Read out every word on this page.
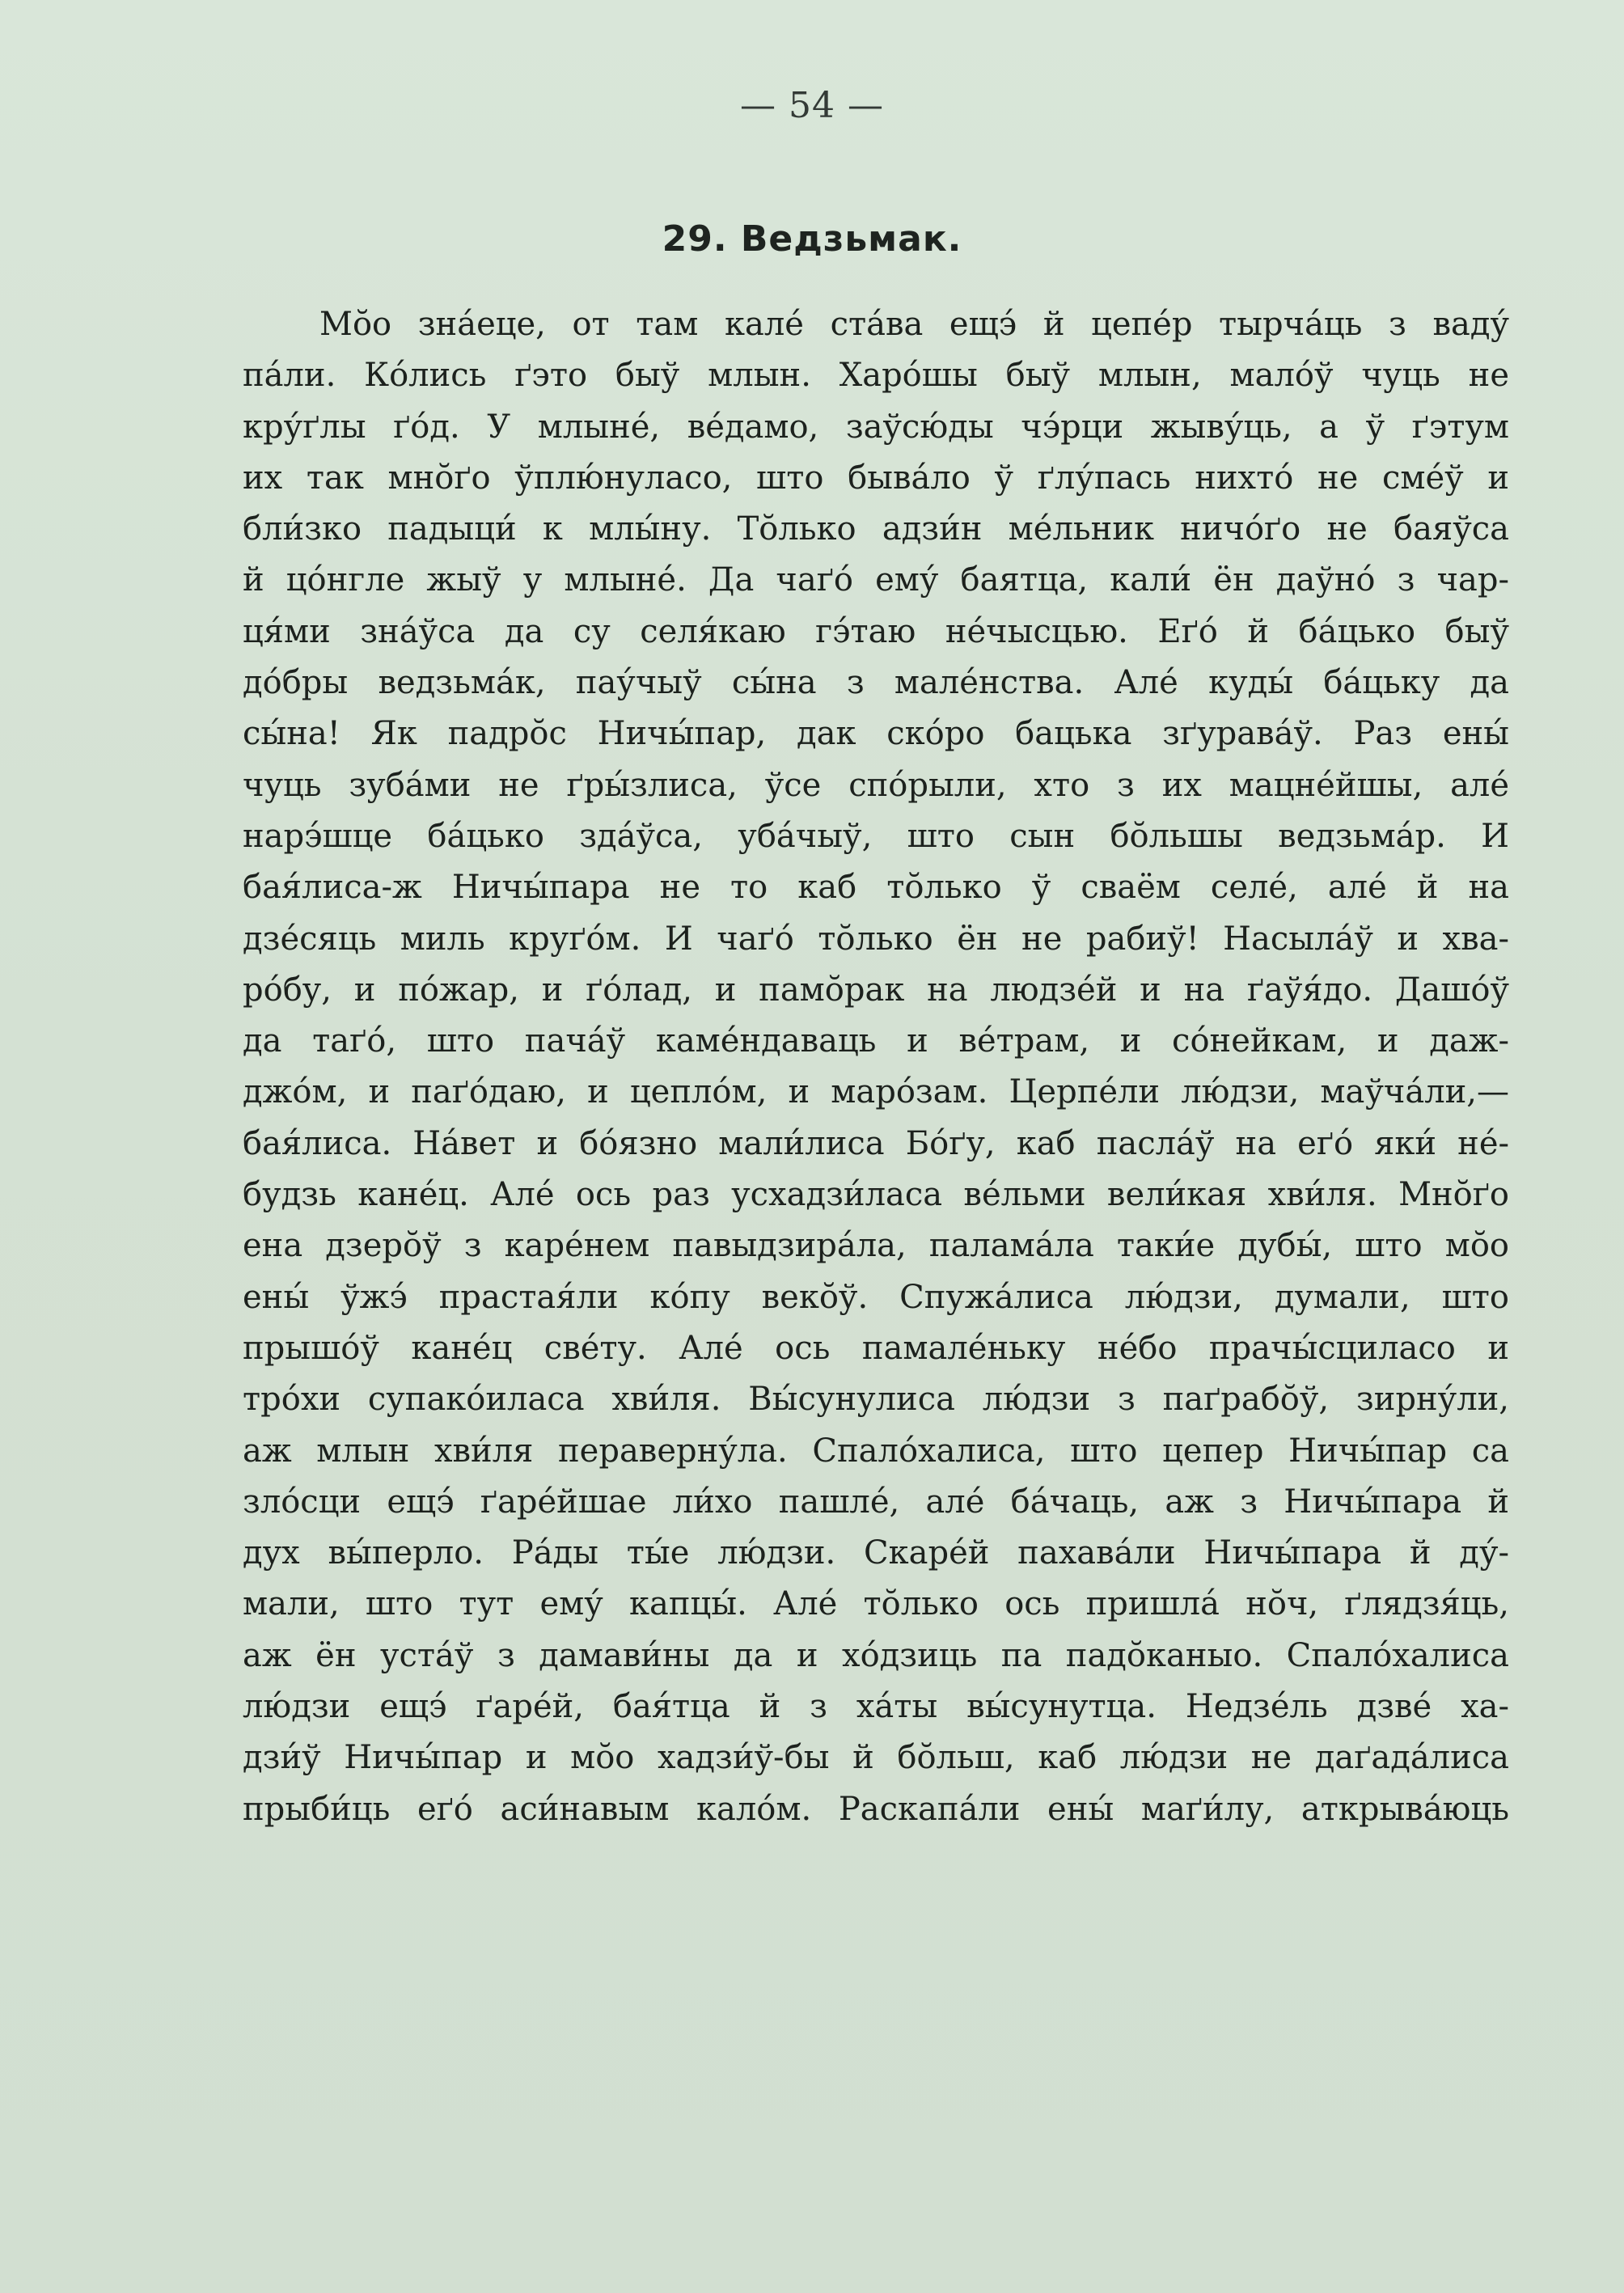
— 54 —
29. Ведзьмак.
Мо̆о зна́еце, от там кале́ ста́ва ещэ́ й цепе́р тырча́ць з ваду́
па́ли. Ко́лись ґэто быў млын. Харо́шы быў млын, мало́ў чуць не
кру́ґлы ґо́д. У млыне́, ве́дамо, заўсю́ды чэ́рци жыву́ць, а ў ґэтум
их так мно̆ґо ўплю́нуласо, што быва́ло ў ґлу́пась нихто́ не сме́ў и
бли́зко падыци́ к млы́ну. То̆лько адзи́н ме́льник ничо́ґо не баяўса
й цо́нгле жыў у млыне́. Да чаґо́ ему́ баятца, кали́ ён даўно́ з чар-
ця́ми зна́ўса да су селя́каю гэ́таю не́чысцью. Еґо́ й ба́цько быў
до́бры ведзьма́к, пау́чыў сы́на з мале́нства. Але́ куды́ ба́цьку да
сы́на! Як падро̆с Ничы́пар, дак ско́ро бацька зґурава́ў. Раз ены́
чуць зуба́ми не ґры́злиса, ўсе спо́рыли, хто з их мацне́йшы, але́
нарэ́шце ба́цько зда́ўса, уба́чыў, што сын бо̆льшы ведзьма́р. И
бая́лиса-ж Ничы́пара не то каб то̆лько ў сваём селе́, але́ й на
дзе́сяць миль круґо́м. И чаґо́ то̆лько ён не рабиў! Насыла́ў и хва-
ро́бу, и по́жар, и ґо́лад, и памо̆рак на людзе́й и на ґаўя́до. Дашо́ў
да таґо́, што пача́ў каме́ндаваць и ве́трам, и со́нейкам, и даж-
джо́м, и паґо́даю, и цепло́м, и маро́зам. Церпе́ли лю́дзи, маўча́ли,—
бая́лиса. На́вет и бо́язно мали́лиса Бо́ґу, каб пасла́ў на еґо́ яки́ не́-
будзь кане́ц. Але́ ось раз усхадзи́ласа ве́льми вели́кая хви́ля. Мно̆ґо
ена дзеро̆ў з каре́нем павыдзира́ла, палама́ла таки́е дубы́, што мо̆о
ены́ ўжэ́ прастая́ли ко́пу веко̆ў. Спужа́лиса лю́дзи, думали, што
прышо́ў кане́ц све́ту. Але́ ось памале́ньку не́бо прачы́сциласо и
тро́хи супако́иласа хви́ля. Вы́сунулиса лю́дзи з паґрабо̆ў, зирну́ли,
аж млын хви́ля пераверну́ла. Спало́халиса, што цепер Ничы́пар са
зло́сци ещэ́ ґаре́йшае ли́хо пашле́, але́ ба́чаць, аж з Ничы́пара й
дух вы́перло. Ра́ды ты́е лю́дзи. Скаре́й пахава́ли Ничы́пара й ду́-
мали, што тут ему́ капцы́. Але́ то̆лько ось пришла́ но̆ч, ґлядзя́ць,
аж ён уста́ў з дамави́ны да и хо́дзиць па падо̆каныо. Спало́халиса
лю́дзи ещэ́ ґаре́й, бая́тца й з ха́ты вы́сунутца. Недзе́ль дзве́ ха-
дзи́ў Ничы́пар и мо̆о хадзи́ў-бы й бо̆льш, каб лю́дзи не даґада́лиса
прыби́ць еґо́ аси́навым кало́м. Раскапа́ли ены́ маґи́лу, аткрыва́юць
